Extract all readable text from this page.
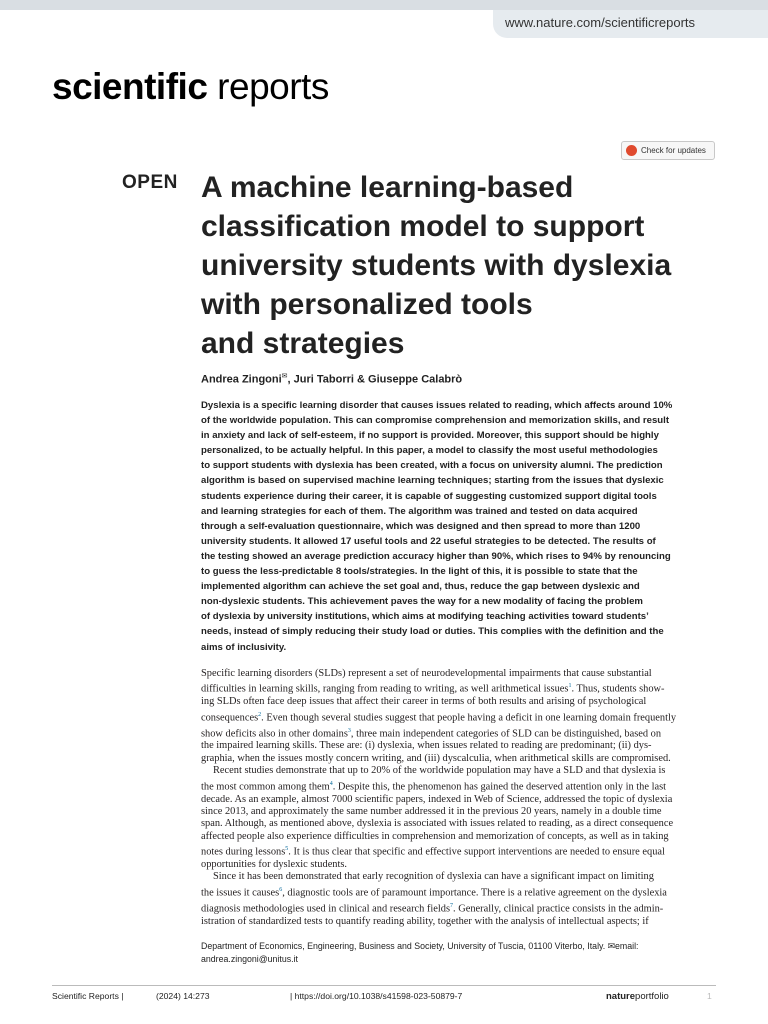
www.nature.com/scientificreports
scientific reports
Check for updates
OPEN A machine learning-based
classification model to support
university students with dyslexia
with personalized tools
and strategies
Andrea Zingoni✉, Juri Taborri & Giuseppe Calabrò
Dyslexia is a specific learning disorder that causes issues related to reading, which affects around 10%
of the worldwide population. This can compromise comprehension and memorization skills, and result
in anxiety and lack of self-esteem, if no support is provided. Moreover, this support should be highly
personalized, to be actually helpful. In this paper, a model to classify the most useful methodologies
to support students with dyslexia has been created, with a focus on university alumni. The prediction
algorithm is based on supervised machine learning techniques; starting from the issues that dyslexic
students experience during their career, it is capable of suggesting customized support digital tools
and learning strategies for each of them. The algorithm was trained and tested on data acquired
through a self-evaluation questionnaire, which was designed and then spread to more than 1200
university students. It allowed 17 useful tools and 22 useful strategies to be detected. The results of
the testing showed an average prediction accuracy higher than 90%, which rises to 94% by renouncing
to guess the less-predictable 8 tools/strategies. In the light of this, it is possible to state that the
implemented algorithm can achieve the set goal and, thus, reduce the gap between dyslexic and
non-dyslexic students. This achievement paves the way for a new modality of facing the problem
of dyslexia by university institutions, which aims at modifying teaching activities toward students’
needs, instead of simply reducing their study load or duties. This complies with the definition and the
aims of inclusivity.
Specific learning disorders (SLDs) represent a set of neurodevelopmental impairments that cause substantial
difficulties in learning skills, ranging from reading to writing, as well arithmetical issues$^1$. Thus, students show-
ing SLDs often face deep issues that affect their career in terms of both results and arising of psychological
consequences$^2$. Even though several studies suggest that people having a deficit in one learning domain frequently
show deficits also in other domains$^3$, three main independent categories of SLD can be distinguished, based on
the impaired learning skills. These are: (i) dyslexia, when issues related to reading are predominant; (ii) dys-
graphia, when the issues mostly concern writing, and (iii) dyscalculia, when arithmetical skills are compromised.
Recent studies demonstrate that up to 20% of the worldwide population may have a SLD and that dyslexia is
the most common among them$^4$. Despite this, the phenomenon has gained the deserved attention only in the last
decade. As an example, almost 7000 scientific papers, indexed in Web of Science, addressed the topic of dyslexia
since 2013, and approximately the same number addressed it in the previous 20 years, namely in a double time
span. Although, as mentioned above, dyslexia is associated with issues related to reading, as a direct consequence
affected people also experience difficulties in comprehension and memorization of concepts, as well as in taking
notes during lessons$^5$. It is thus clear that specific and effective support interventions are needed to ensure equal
opportunities for dyslexic students.
Since it has been demonstrated that early recognition of dyslexia can have a significant impact on limiting
the issues it causes$^6$, diagnostic tools are of paramount importance. There is a relative agreement on the dyslexia
diagnosis methodologies used in clinical and research fields$^7$. Generally, clinical practice consists in the admin-
istration of standardized tests to quantify reading ability, together with the analysis of intellectual aspects; if
Department of Economics, Engineering, Business and Society, University of Tuscia, 01100 Viterbo, Italy. ✉email:
andrea.zingoni@unitus.it
Scientific Reports |	(2024) 14:273	| https://doi.org/10.1038/s41598-023-50879-7	natureportfolio	1
